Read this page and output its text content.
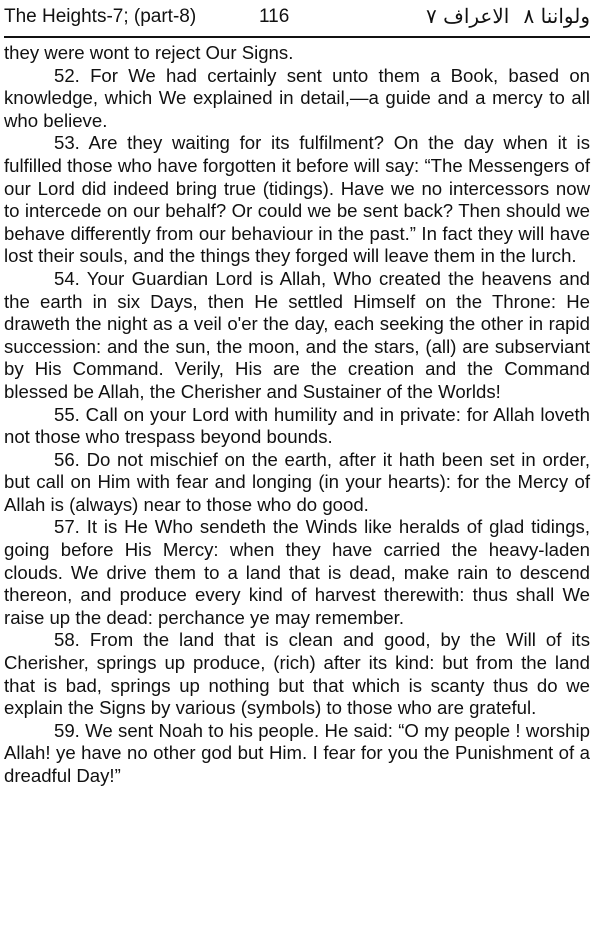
The Heights-7; (part-8)	116	الاعراف ٧ ولواننا ٨

they were wont to reject Our Signs.

52. For We had certainly sent unto them a Book, based on knowledge, which We explained in detail,—a guide and a mercy to all who believe.

53. Are they waiting for its fulfilment? On the day when it is fulfilled those who have forgotten it before will say: “The Messengers of our Lord did indeed bring true (tidings). Have we no intercessors now to intercede on our behalf? Or could we be sent back? Then should we behave differently from our behaviour in the past.” In fact they will have lost their souls, and the things they forged will leave them in the lurch.

54. Your Guardian Lord is Allah, Who created the heavens and the earth in six Days, then He settled Himself on the Throne: He draweth the night as a veil o'er the day, each seeking the other in rapid succession: and the sun, the moon, and the stars, (all) are subserviant by His Command. Verily, His are the creation and the Command blessed be Allah, the Cherisher and Sustainer of the Worlds!

55. Call on your Lord with humility and in private: for Allah loveth not those who trespass beyond bounds.

56. Do not mischief on the earth, after it hath been set in order, but call on Him with fear and longing (in your hearts): for the Mercy of Allah is (always) near to those who do good.

57. It is He Who sendeth the Winds like heralds of glad tidings, going before His Mercy: when they have carried the heavy-laden clouds. We drive them to a land that is dead, make rain to descend thereon, and produce every kind of harvest therewith: thus shall We raise up the dead: perchance ye may remember.

58. From the land that is clean and good, by the Will of its Cherisher, springs up produce, (rich) after its kind: but from the land that is bad, springs up nothing but that which is scanty thus do we explain the Signs by various (symbols) to those who are grateful.

59. We sent Noah to his people. He said: “O my people ! worship Allah! ye have no other god but Him. I fear for you the Punishment of a dreadful Day!”
